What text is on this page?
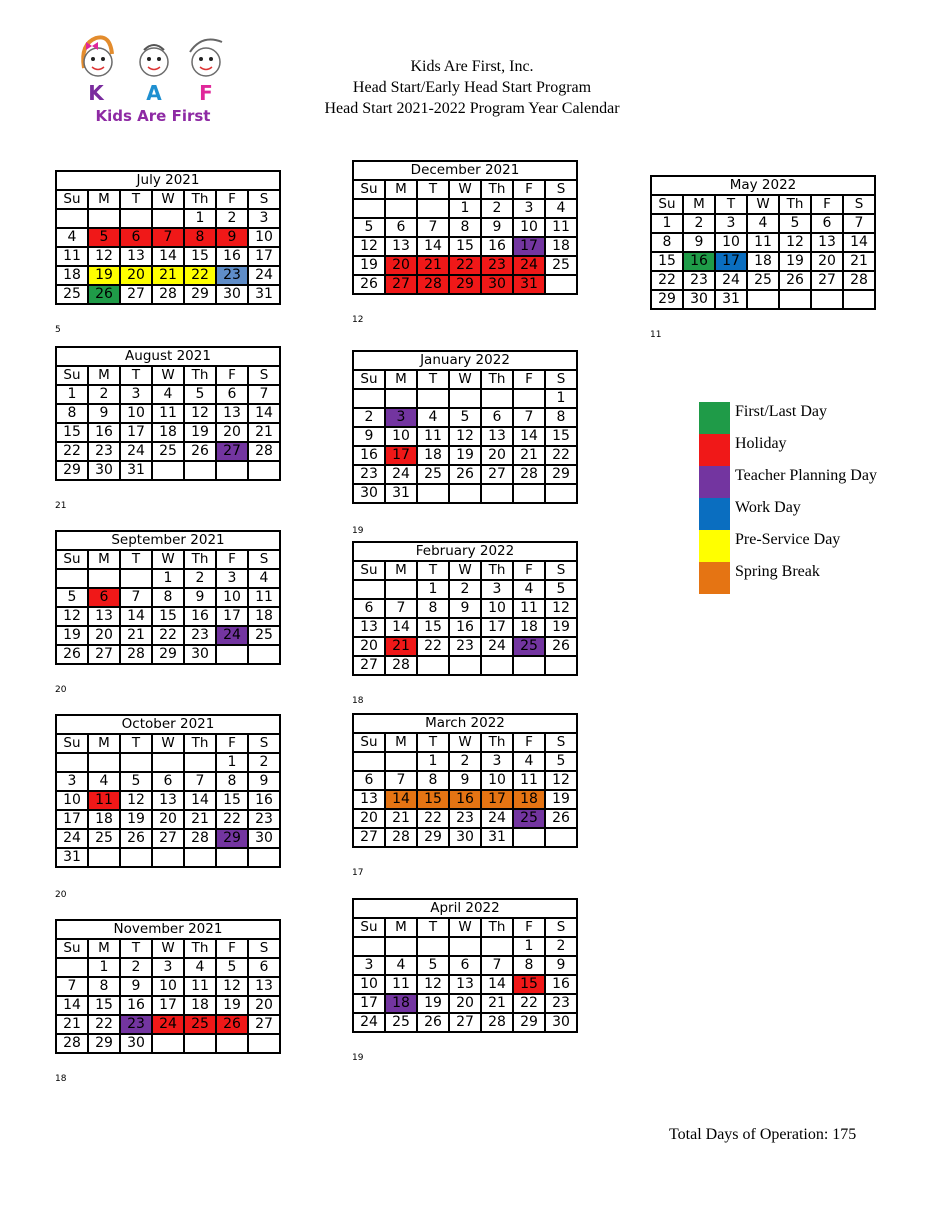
K A F
Kids Are First
Kids Are First, Inc.
Head Start/Early Head Start Program
Head Start 2021-2022 Program Year Calendar
July 2021						
Su	M	T	W	Th	F	S
				1	2	3
4	5	6	7	8	9	10
11	12	13	14	15	16	17
18	19	20	21	22	23	24
25	26	27	28	29	30	31
5
August 2021						
Su	M	T	W	Th	F	S
1	2	3	4	5	6	7
8	9	10	11	12	13	14
15	16	17	18	19	20	21
22	23	24	25	26	27	28
29	30	31				
21
September 2021						
Su	M	T	W	Th	F	S
			1	2	3	4
5	6	7	8	9	10	11
12	13	14	15	16	17	18
19	20	21	22	23	24	25
26	27	28	29	30		
20
October 2021						
Su	M	T	W	Th	F	S
					1	2
3	4	5	6	7	8	9
10	11	12	13	14	15	16
17	18	19	20	21	22	23
24	25	26	27	28	29	30
31						
20
November 2021						
Su	M	T	W	Th	F	S
	1	2	3	4	5	6
7	8	9	10	11	12	13
14	15	16	17	18	19	20
21	22	23	24	25	26	27
28	29	30				
18
December 2021						
Su	M	T	W	Th	F	S
			1	2	3	4
5	6	7	8	9	10	11
12	13	14	15	16	17	18
19	20	21	22	23	24	25
26	27	28	29	30	31	
12
January 2022						
Su	M	T	W	Th	F	S
						1
2	3	4	5	6	7	8
9	10	11	12	13	14	15
16	17	18	19	20	21	22
23	24	25	26	27	28	29
30	31					
19
February 2022						
Su	M	T	W	Th	F	S
		1	2	3	4	5
6	7	8	9	10	11	12
13	14	15	16	17	18	19
20	21	22	23	24	25	26
27	28					
18
March 2022						
Su	M	T	W	Th	F	S
		1	2	3	4	5
6	7	8	9	10	11	12
13	14	15	16	17	18	19
20	21	22	23	24	25	26
27	28	29	30	31		
17
April 2022						
Su	M	T	W	Th	F	S
					1	2
3	4	5	6	7	8	9
10	11	12	13	14	15	16
17	18	19	20	21	22	23
24	25	26	27	28	29	30
19
May 2022						
Su	M	T	W	Th	F	S
1	2	3	4	5	6	7
8	9	10	11	12	13	14
15	16	17	18	19	20	21
22	23	24	25	26	27	28
29	30	31				
11
First/Last Day
Holiday
Teacher Planning Day
Work Day
Pre-Service Day
Spring Break
Total Days of Operation: 175
